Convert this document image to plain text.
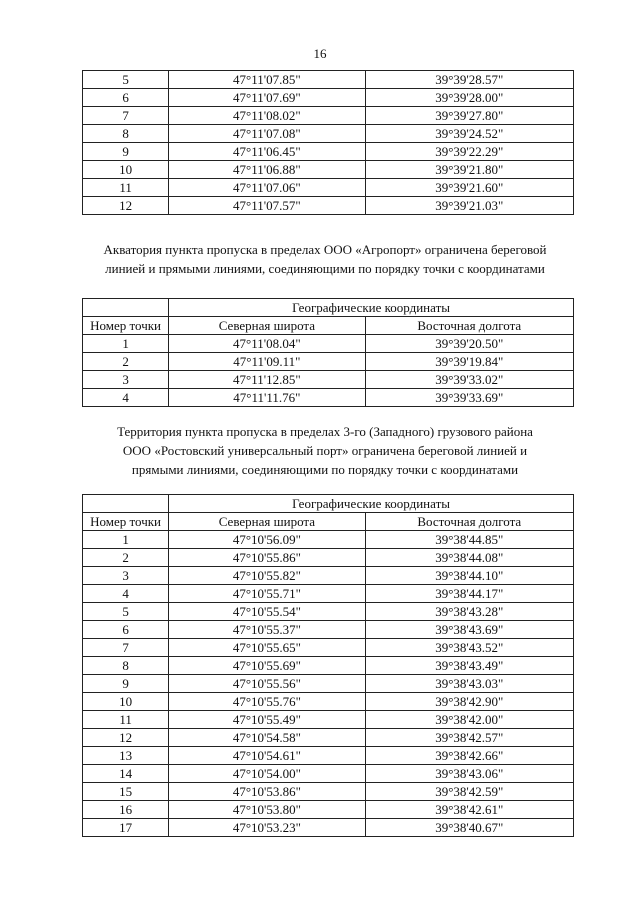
16
5	47°11'07.85"	39°39'28.57"
6	47°11'07.69"	39°39'28.00"
7	47°11'08.02"	39°39'27.80"
8	47°11'07.08"	39°39'24.52"
9	47°11'06.45"	39°39'22.29"
10	47°11'06.88"	39°39'21.80"
11	47°11'07.06"	39°39'21.60"
12	47°11'07.57"	39°39'21.03"
Акватория пункта пропуска в пределах ООО «Агропорт» ограничена береговой
линией и прямыми линиями, соединяющими по порядку точки с координатами
	Географические координаты	
Номер точки	Северная широта	Восточная долгота
1	47°11'08.04"	39°39'20.50"
2	47°11'09.11"	39°39'19.84"
3	47°11'12.85"	39°39'33.02"
4	47°11'11.76"	39°39'33.69"
Территория пункта пропуска в пределах 3-го (Западного) грузового района
ООО «Ростовский универсальный порт» ограничена береговой линией и
прямыми линиями, соединяющими по порядку точки с координатами
	Географические координаты	
Номер точки	Северная широта	Восточная долгота
1	47°10'56.09"	39°38'44.85"
2	47°10'55.86"	39°38'44.08"
3	47°10'55.82"	39°38'44.10"
4	47°10'55.71"	39°38'44.17"
5	47°10'55.54"	39°38'43.28"
6	47°10'55.37"	39°38'43.69"
7	47°10'55.65"	39°38'43.52"
8	47°10'55.69"	39°38'43.49"
9	47°10'55.56"	39°38'43.03"
10	47°10'55.76"	39°38'42.90"
11	47°10'55.49"	39°38'42.00"
12	47°10'54.58"	39°38'42.57"
13	47°10'54.61"	39°38'42.66"
14	47°10'54.00"	39°38'43.06"
15	47°10'53.86"	39°38'42.59"
16	47°10'53.80"	39°38'42.61"
17	47°10'53.23"	39°38'40.67"
